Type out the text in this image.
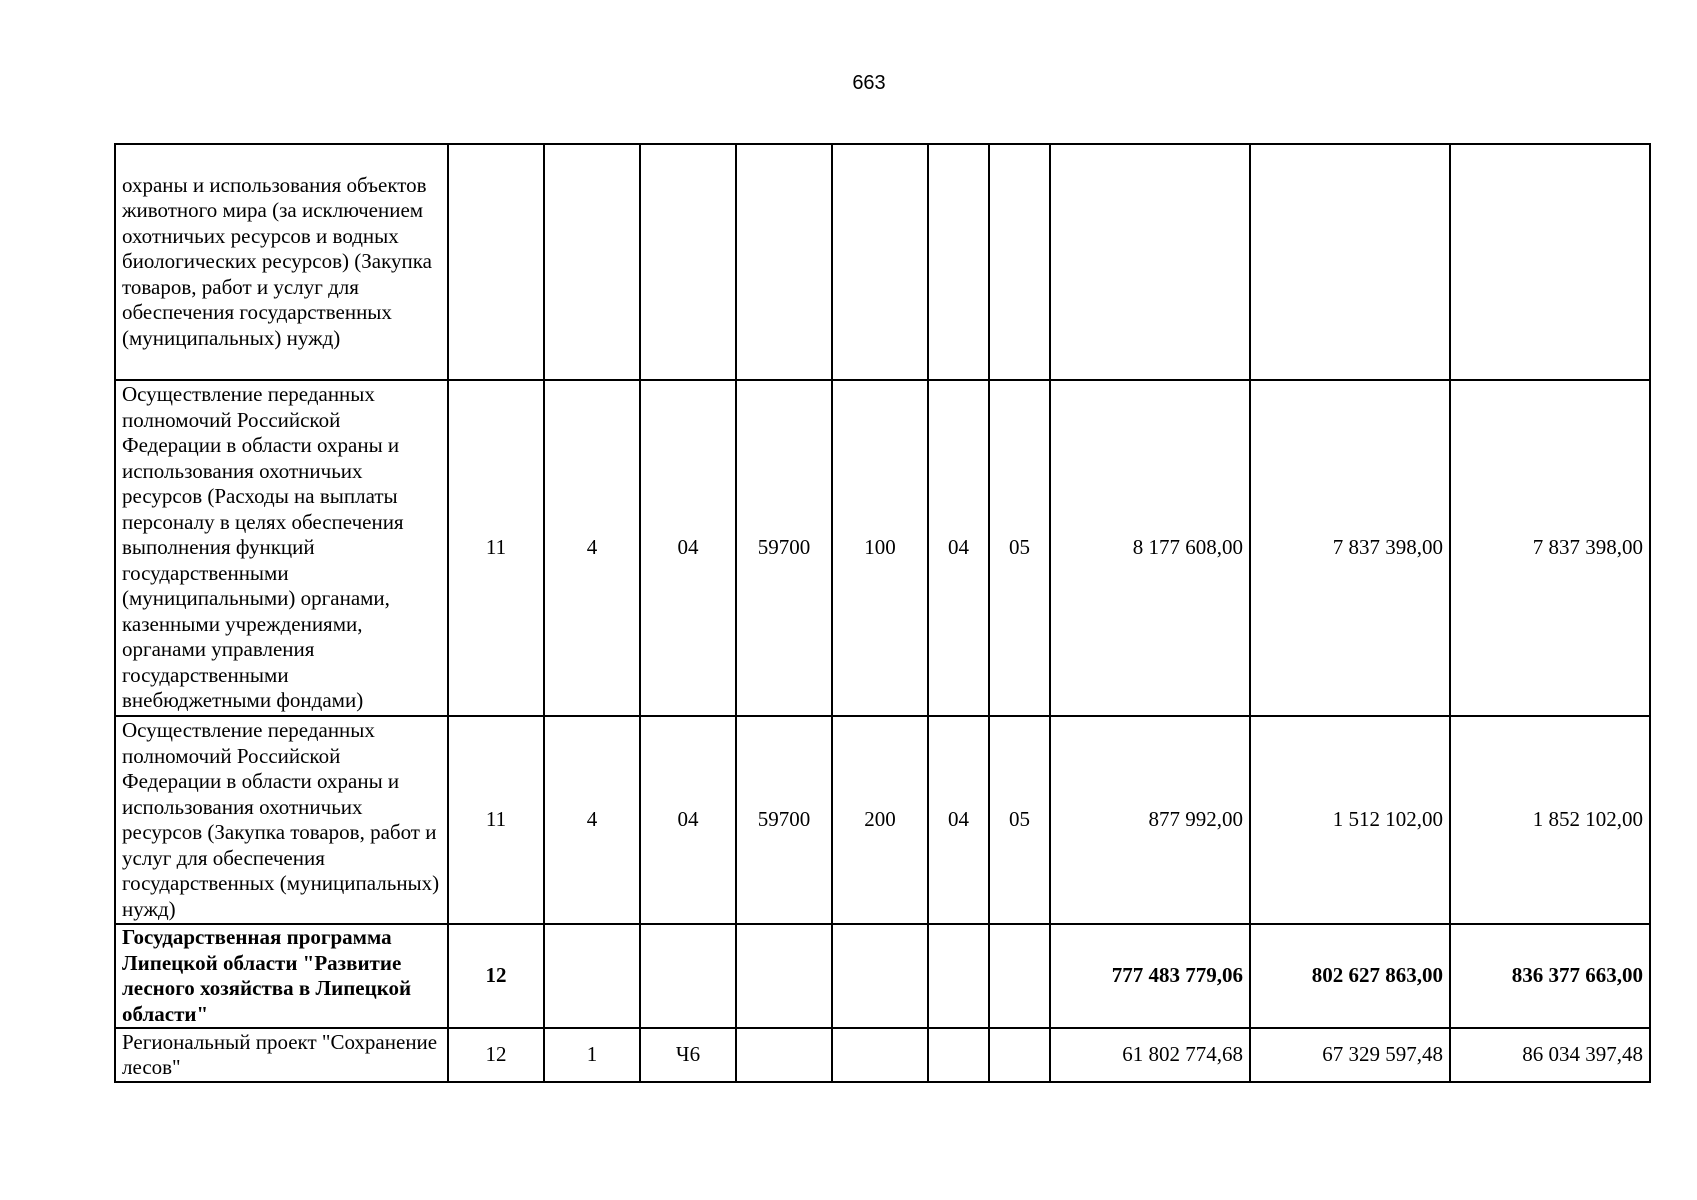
663
охраны и использования объектов животного мира (за исключением охотничьих ресурсов и водных биологических ресурсов) (Закупка товаров, работ и услуг для обеспечения государственных (муниципальных) нужд)										
Осуществление переданных полномочий Российской Федерации в области охраны и использования охотничьих ресурсов (Расходы на выплаты персоналу в целях обеспечения выполнения функций государственными (муниципальными) органами, казенными учреждениями, органами управления государственными внебюджетными фондами)	11	4	04	59700	100	04	05	8 177 608,00	7 837 398,00	7 837 398,00
Осуществление переданных полномочий Российской Федерации в области охраны и использования охотничьих ресурсов (Закупка товаров, работ и услуг для обеспечения государственных (муниципальных) нужд)	11	4	04	59700	200	04	05	877 992,00	1 512 102,00	1 852 102,00
Государственная программа Липецкой области "Развитие лесного хозяйства в Липецкой области"	12							777 483 779,06	802 627 863,00	836 377 663,00
Региональный проект "Сохранение лесов"	12	1	Ч6					61 802 774,68	67 329 597,48	86 034 397,48
